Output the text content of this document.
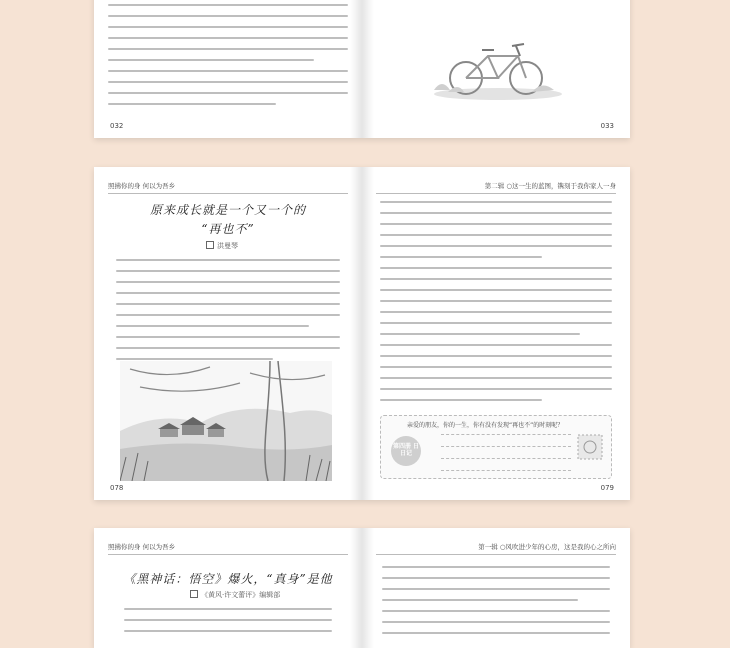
032	033
照拂你的身 何以为吾乡
原来成长就是一个又一个的
“再也不”
洪曼琴
078
第二辑 ○这一生的蓝图，镌刻于我你家人一身
亲爱的朋友，你的一生，你有没有发现“再也不”的时刻呢？
第四册 日日记
079
照拂你的身 何以为吾乡
《黑神话：悟空》爆火，“真身”是他
《黄风·许文蕾评》编辑部
第一辑 ○风吹进少年的心房，这是我的心之所向
